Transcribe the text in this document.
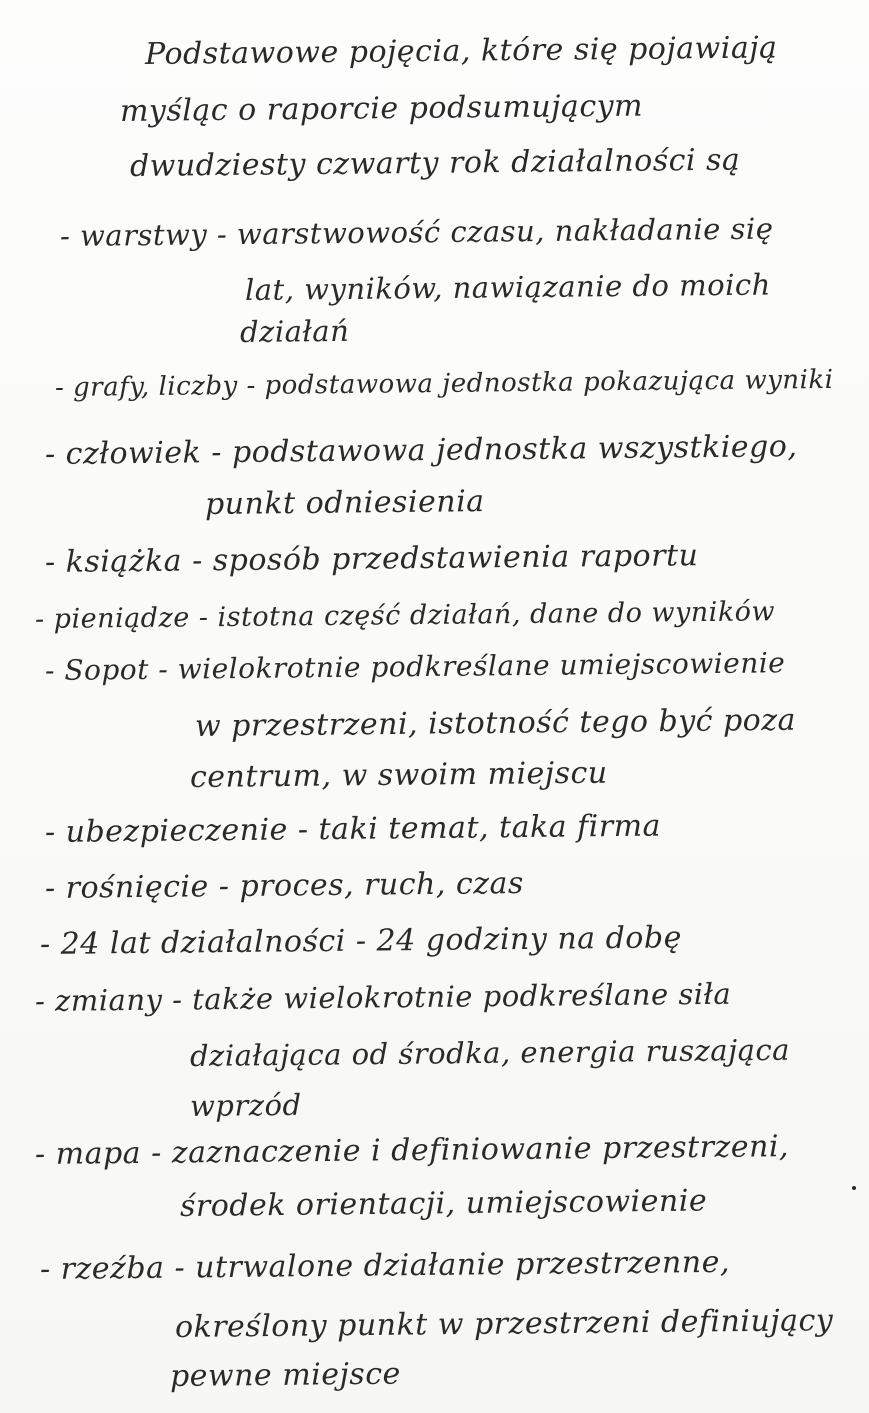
Podstawowe pojęcia, które się pojawiają
myśląc o raporcie podsumującym
dwudziesty czwarty rok działalności są
- warstwy - warstwowość czasu, nakładanie się
lat, wyników, nawiązanie do moich
działań
- grafy, liczby - podstawowa jednostka pokazująca wyniki
- człowiek - podstawowa jednostka wszystkiego,
punkt odniesienia
- książka - sposób przedstawienia raportu
- pieniądze - istotna część działań, dane do wyników
- Sopot - wielokrotnie podkreślane umiejscowienie
w przestrzeni, istotność tego być poza
centrum, w swoim miejscu
- ubezpieczenie - taki temat, taka firma
- rośnięcie - proces, ruch, czas
- 24 lat działalności - 24 godziny na dobę
- zmiany - także wielokrotnie podkreślane siła
działająca od środka, energia ruszająca
wprzód
- mapa - zaznaczenie i definiowanie przestrzeni,
środek orientacji, umiejscowienie
- rzeźba - utrwalone działanie przestrzenne,
określony punkt w przestrzeni definiujący
pewne miejsce
